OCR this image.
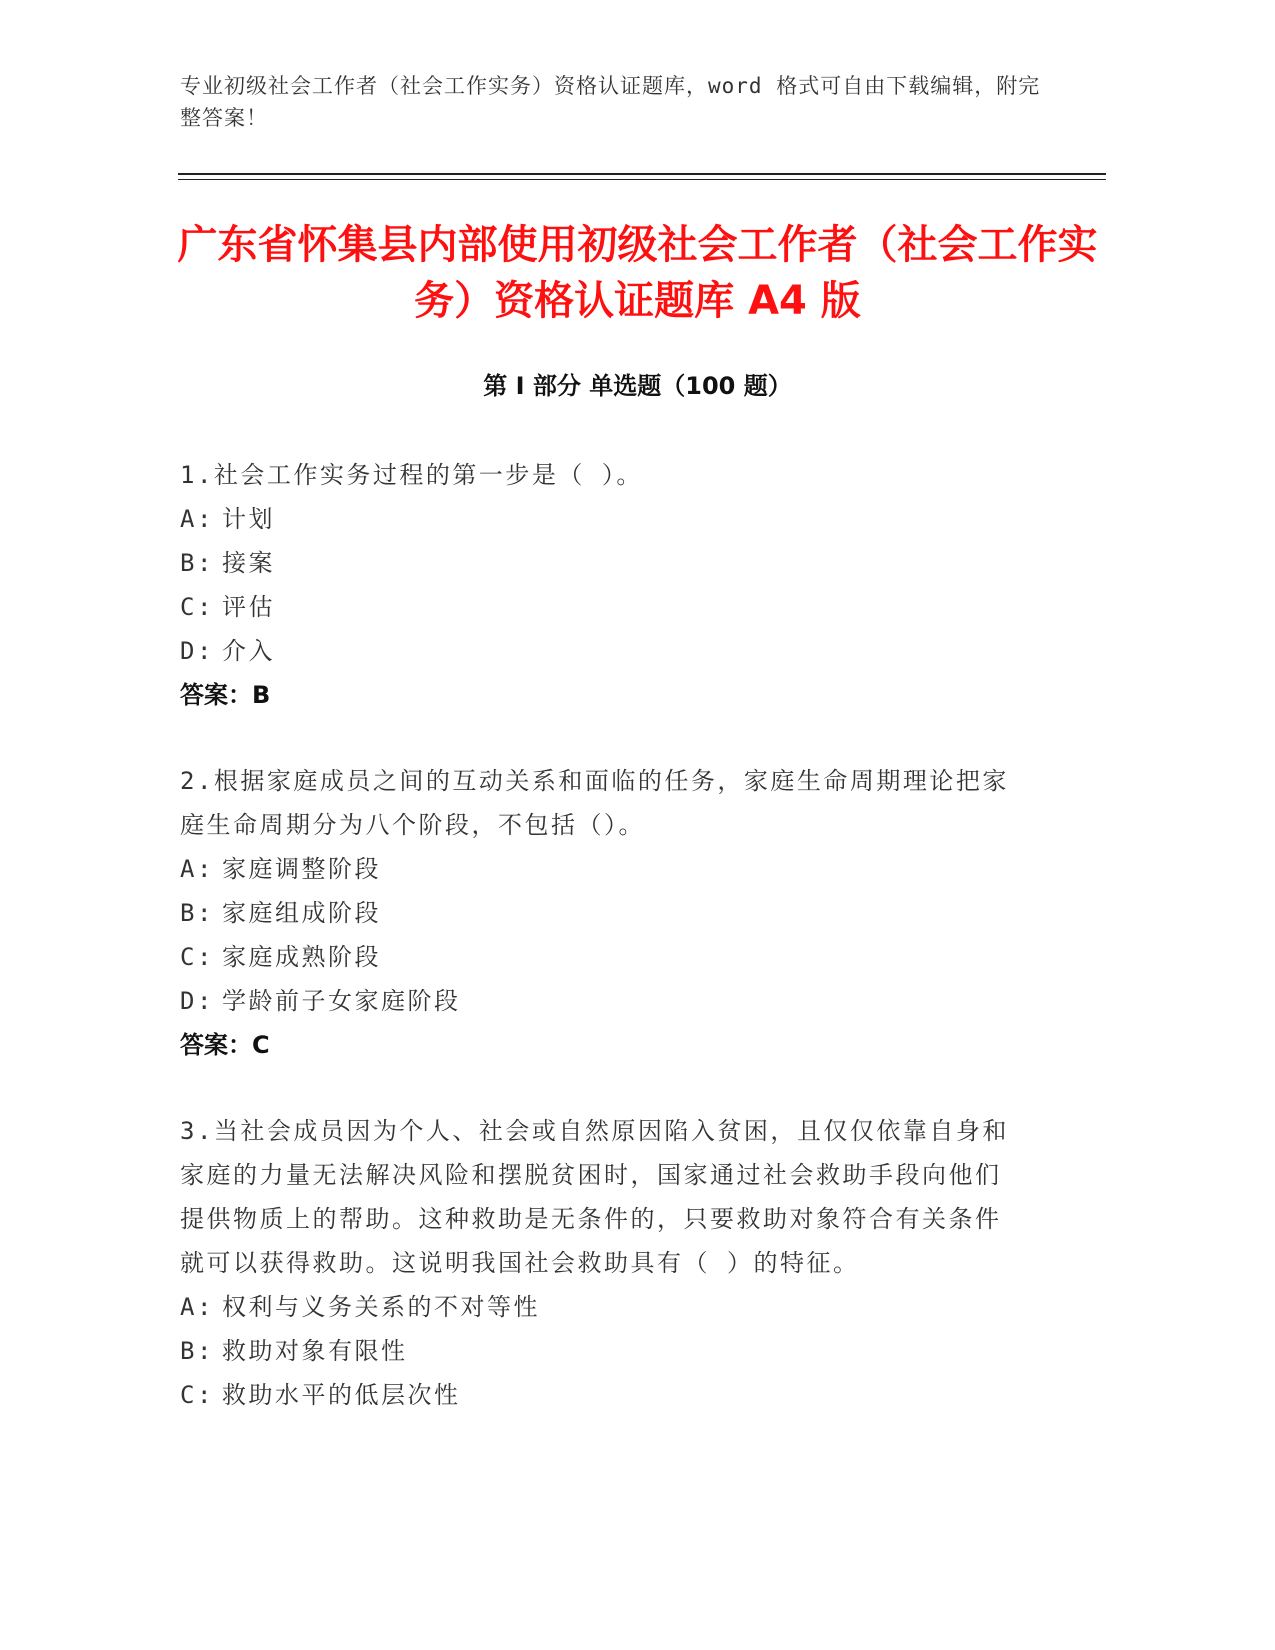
专业初级社会工作者（社会工作实务）资格认证题库，word 格式可自由下载编辑，附完整答案！
广东省怀集县内部使用初级社会工作者（社会工作实务）资格认证题库 A4 版
第 I 部分 单选题（100 题）

1.社会工作实务过程的第一步是（ ）。

A: 计划

B: 接案

C: 评估

D: 介入

答案：B

2.根据家庭成员之间的互动关系和面临的任务，家庭生命周期理论把家庭生命周期分为八个阶段，不包括（）。

A: 家庭调整阶段

B: 家庭组成阶段

C: 家庭成熟阶段

D: 学龄前子女家庭阶段

答案：C

3.当社会成员因为个人、社会或自然原因陷入贫困，且仅仅依靠自身和家庭的力量无法解决风险和摆脱贫困时，国家通过社会救助手段向他们提供物质上的帮助。这种救助是无条件的，只要救助对象符合有关条件就可以获得救助。这说明我国社会救助具有（ ）的特征。

A: 权利与义务关系的不对等性

B: 救助对象有限性

C: 救助水平的低层次性
